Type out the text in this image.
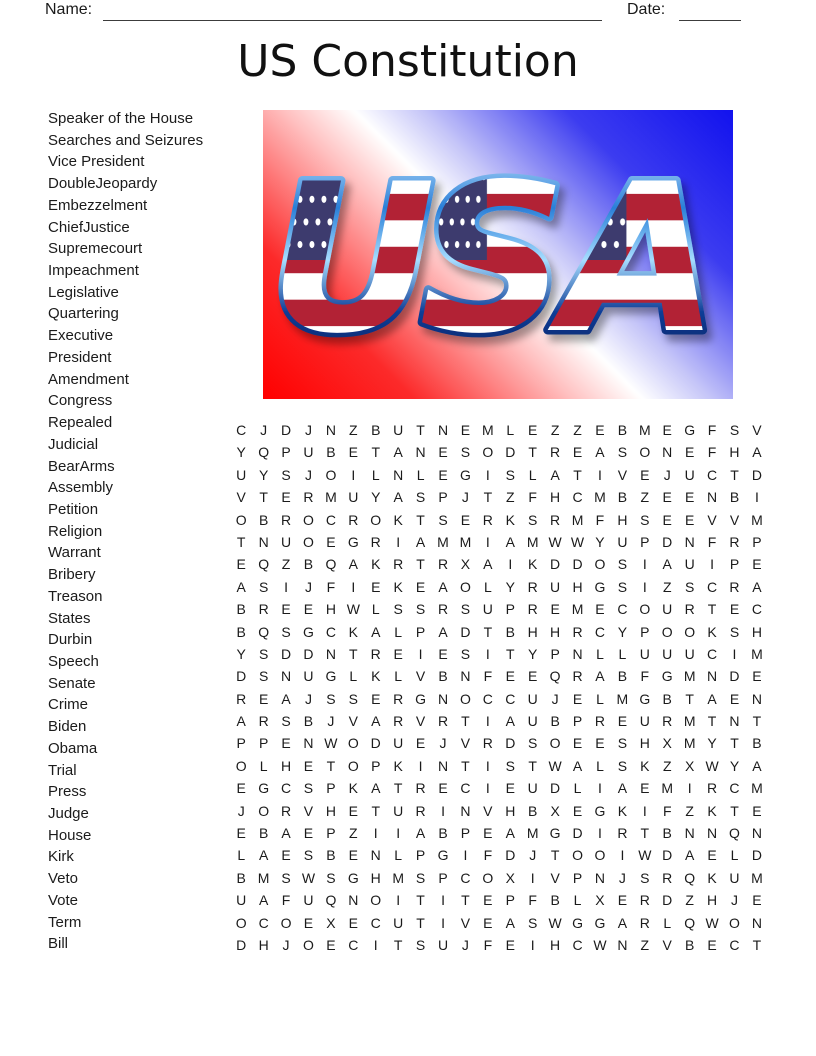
Name:	Date:
US Constitution
U
S
A
Speaker of the House
Searches and Seizures
Vice President
DoubleJeopardy
Embezzelment
ChiefJustice
Supremecourt
Impeachment
Legislative
Quartering
Executive
President
Amendment
Congress
Repealed
Judicial
BearArms
Assembly
Petition
Religion
Warrant
Bribery
Treason
States
Durbin
Speech
Senate
Crime
Biden
Obama
Trial
Press
Judge
House
Kirk
Veto
Vote
Term
Bill
C J D J N Z B U T N E M L E Z Z E B M E G F S V
Y Q P U B E T A N E S O D T R E A S O N E F H A
U Y S	J O	I	L N L E G	I	S L A T	I	V E	J U C T D
V T E R M U Y A S P	J	T Z F H C M B Z E E N B	I
O B R O C R O K T S E R K S R M F H S E E V V M
T N U O E G R	I	A M M	I	A M W W Y U P D N F R P
E Q Z B Q A K R T R X A	I	K D D O S	I	A U	I	P E
A S	I	J	F	I	E K E A O L Y R U H G S	I	Z S C R A
B R E E H W L S S R S U P R E M E C O U R T E C
B Q S G C K A L P A D T B H H R C Y P O O K S H
Y S D D N T R E	I	E S	I	T Y P N L	L U U U C	I	M
D S N U G L K L V B N F E E Q R A B F G M N D E
R E A	J	S S E R G N O C C U J	E L M G B T A E N
A R S B	J	V A R V R T	I	A U B P R E U R M T N T
P P E N W O D U E	J	V R D S O E E S H X M Y T B
O L H E T O P K	I	N T	I	S T W A L S K Z X W Y A
E G C S P K A T R E C	I	E U D L	I	A E M	I	R C M
J O R V H E T U R	I	N V H B X E G K	I	F Z K T E
E B A E P Z	I	I	A B P E A M G D	I	R T B N N Q N
L A E S B E N L P G	I	F D J	T O O	I W D A E L D
B M S W S G H M S P C O X	I	V P N J	S R Q K U M
U A F U Q N O	I	T	I	T E P F B L X E R D Z H J	E
O C O E X E C U T	I	V E A S W G G A R L Q W O N
D H J O E C	I	T S U J	F E	I	H C W N Z V B E C T
